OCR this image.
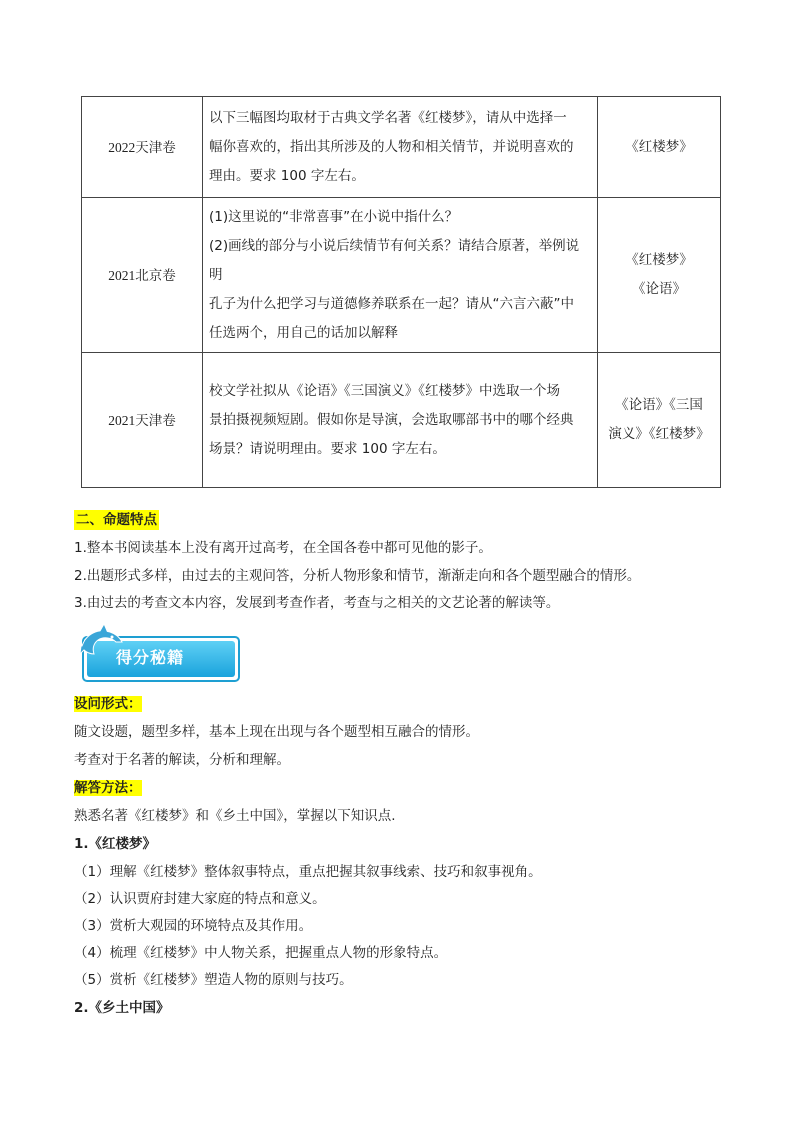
2022天津卷	以下三幅图均取材于古典文学名著《红楼梦》，请从中选择一
幅你喜欢的，指出其所涉及的人物和相关情节，并说明喜欢的
理由。要求 100 字左右。	《红楼梦》

2021北京卷	(1)这里说的“非常喜事”在小说中指什么？
(2)画线的部分与小说后续情节有何关系？请结合原著，举例说
明
孔子为什么把学习与道德修养联系在一起？请从“六言六蔽”中
任选两个，用自己的话加以解释	《红楼梦》
《论语》

2021天津卷	校文学社拟从《论语》《三国演义》《红楼梦》中选取一个场
景拍摄视频短剧。假如你是导演，会选取哪部书中的哪个经典
场景？请说明理由。要求 100 字左右。	《论语》《三国
演义》《红楼梦》
二、命题特点
1.整本书阅读基本上没有离开过高考，在全国各卷中都可见他的影子。
2.出题形式多样，由过去的主观问答，分析人物形象和情节，渐渐走向和各个题型融合的情形。
3.由过去的考查文本内容，发展到考查作者，考查与之相关的文艺论著的解读等。
得分秘籍
设问形式：
随文设题，题型多样，基本上现在出现与各个题型相互融合的情形。
考查对于名著的解读，分析和理解。
解答方法：
熟悉名著《红楼梦》和《乡土中国》，掌握以下知识点.
1.《红楼梦》
（1）理解《红楼梦》整体叙事特点，重点把握其叙事线索、技巧和叙事视角。
（2）认识贾府封建大家庭的特点和意义。
（3）赏析大观园的环境特点及其作用。
（4）梳理《红楼梦》中人物关系，把握重点人物的形象特点。
（5）赏析《红楼梦》塑造人物的原则与技巧。
2.《乡土中国》
